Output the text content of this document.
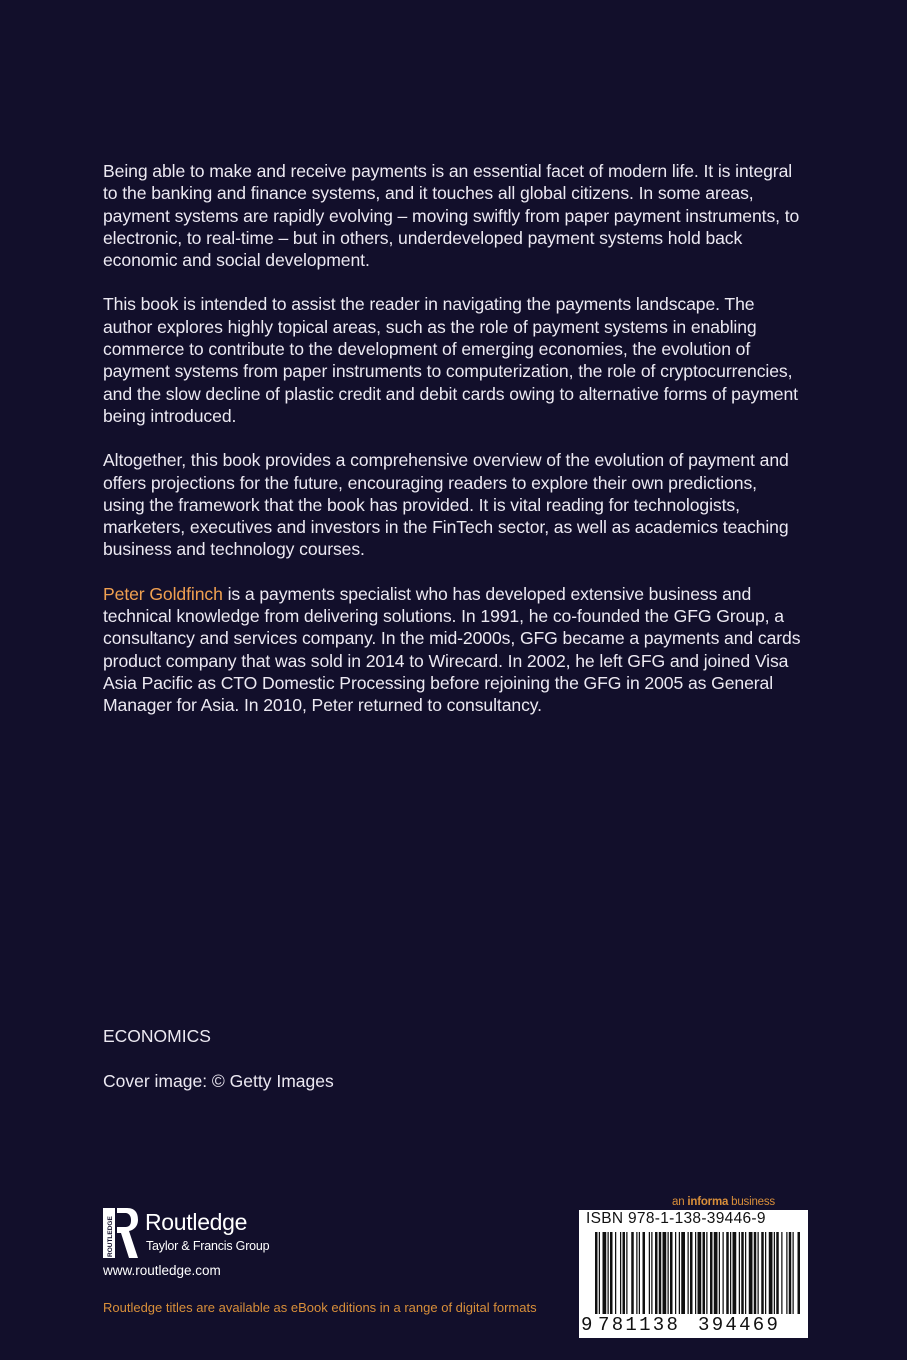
Being able to make and receive payments is an essential facet of modern life. It is integral to the banking and finance systems, and it touches all global citizens. In some areas, payment systems are rapidly evolving – moving swiftly from paper payment instruments, to electronic, to real-time – but in others, underdeveloped payment systems hold back economic and social development.

This book is intended to assist the reader in navigating the payments landscape. The author explores highly topical areas, such as the role of payment systems in enabling commerce to contribute to the development of emerging economies, the evolution of payment systems from paper instruments to computerization, the role of cryptocurrencies, and the slow decline of plastic credit and debit cards owing to alternative forms of payment being introduced.

Altogether, this book provides a comprehensive overview of the evolution of payment and offers projections for the future, encouraging readers to explore their own predictions, using the framework that the book has provided. It is vital reading for technologists, marketers, executives and investors in the FinTech sector, as well as academics teaching business and technology courses.

Peter Goldfinch is a payments specialist who has developed extensive business and technical knowledge from delivering solutions. In 1991, he co-founded the GFG Group, a consultancy and services company. In the mid-2000s, GFG became a payments and cards product company that was sold in 2014 to Wirecard. In 2002, he left GFG and joined Visa Asia Pacific as CTO Domestic Processing before rejoining the GFG in 2005 as General Manager for Asia. In 2010, Peter returned to consultancy.

ECONOMICS
Cover image: © Getty Images
ROUTLEDGE Routledge
Taylor & Francis Group
www.routledge.com
Routledge titles are available as eBook editions in a range of digital formats
an informa business
ISBN 978-1-138-39446-9
9 781138 394469
